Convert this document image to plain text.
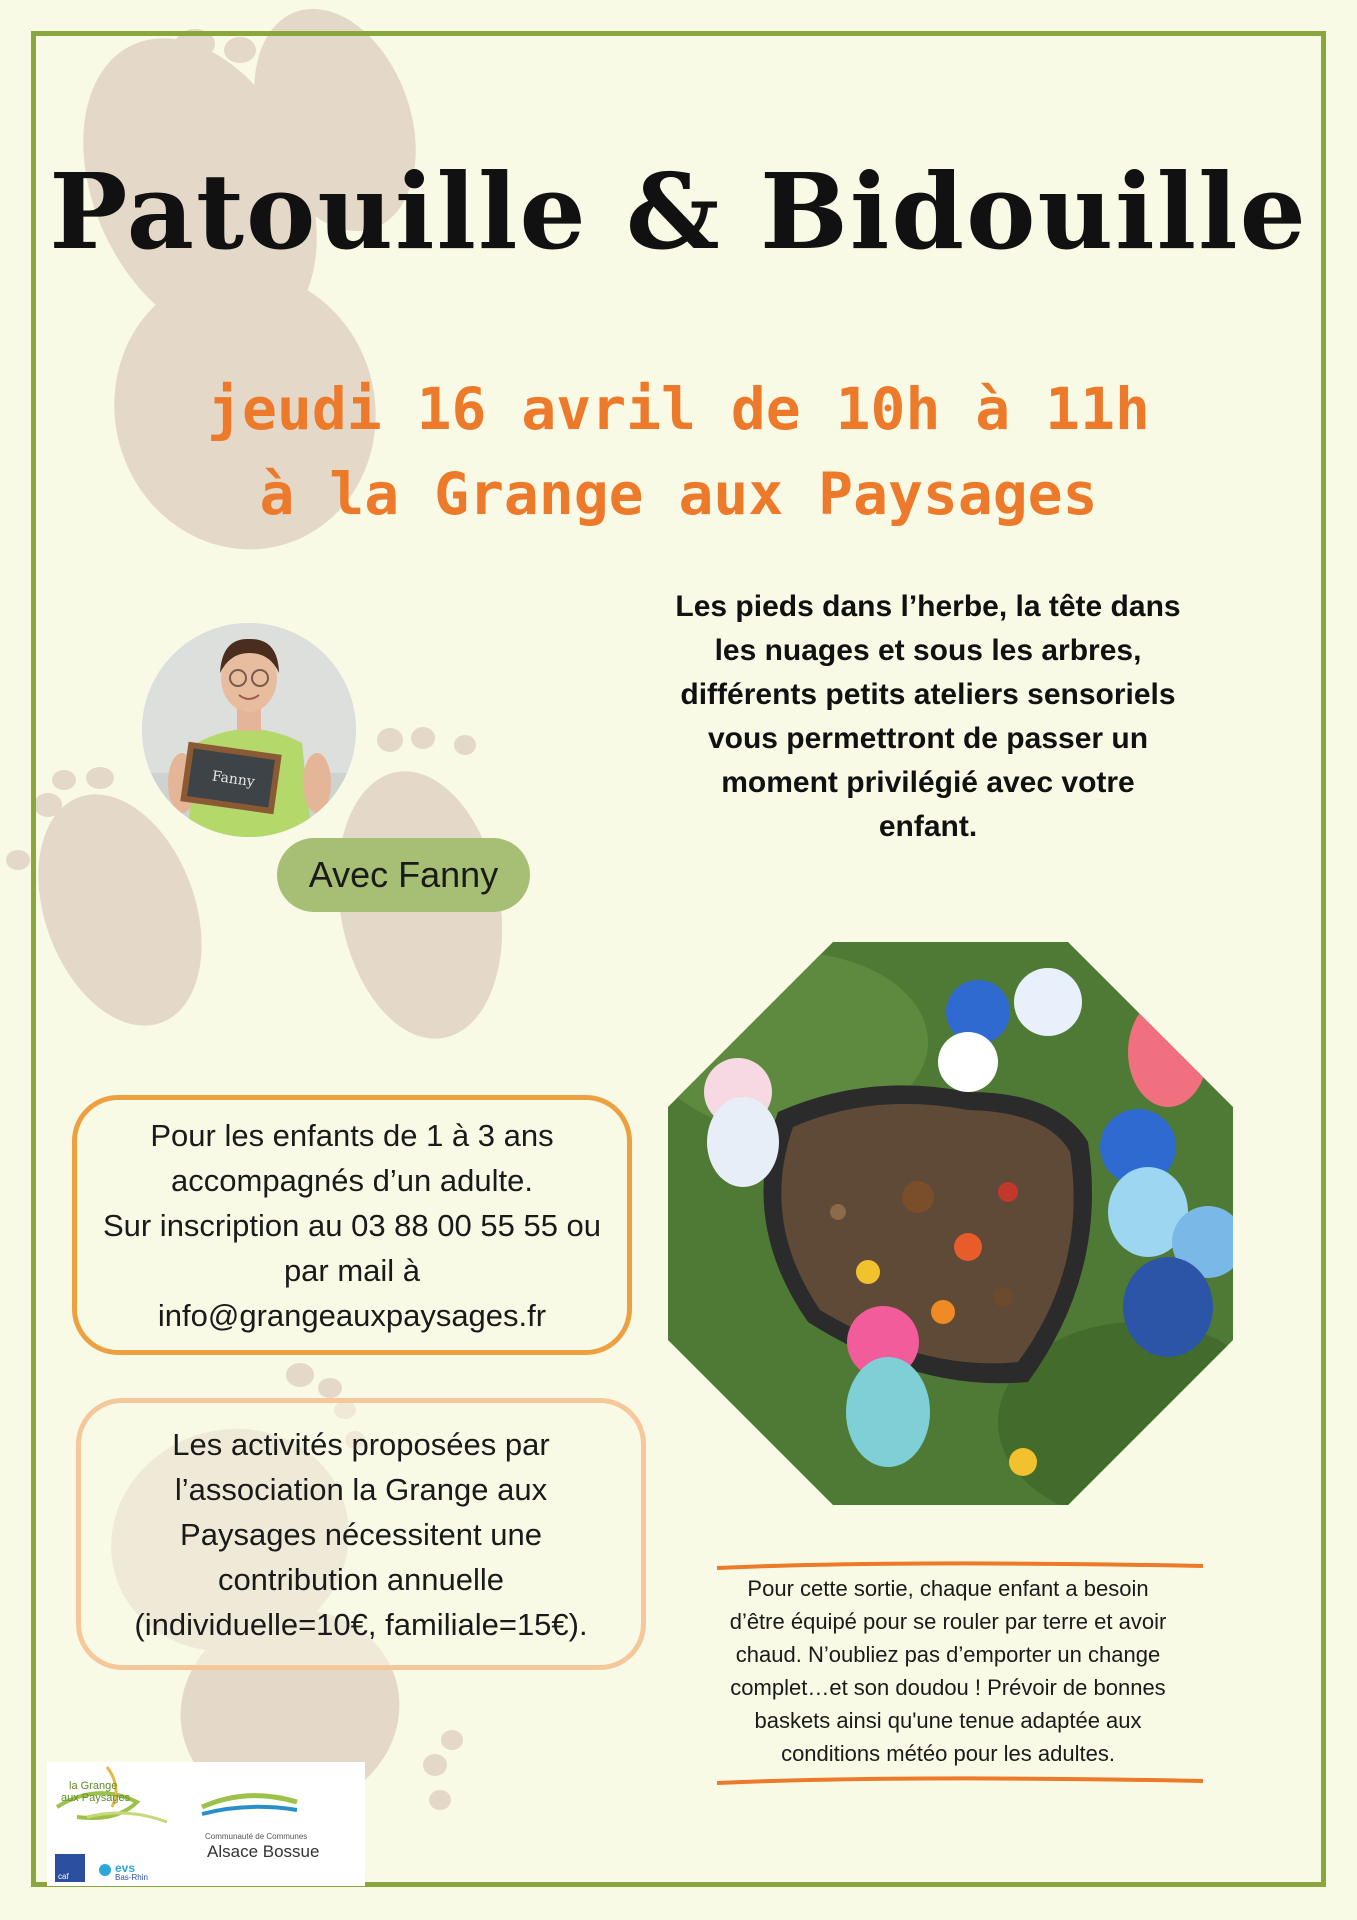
Patouille & Bidouille
jeudi 16 avril de 10h à 11h
à la Grange aux Paysages
Les pieds dans l’herbe, la tête dans
les nuages et sous les arbres,
différents petits ateliers sensoriels
vous permettront de passer un
moment privilégié avec votre
enfant.
Fanny
Avec Fanny
Pour les enfants de 1 à 3 ans
accompagnés d’un adulte.
Sur inscription au 03 88 00 55 55 ou
par mail à
info@grangeauxpaysages.fr
Les activités proposées par
l’association la Grange aux
Paysages nécessitent une
contribution annuelle
(individuelle=10€, familiale=15€).
Pour cette sortie, chaque enfant a besoin
d’être équipé pour se rouler par terre et avoir
chaud. N’oubliez pas d’emporter un change
complet…et son doudou ! Prévoir de bonnes
baskets ainsi qu'une tenue adaptée aux
conditions météo pour les adultes.
la Grange
aux Paysages
Communauté de Communes
Alsace Bossue
evs
Bas-Rhin
caf
